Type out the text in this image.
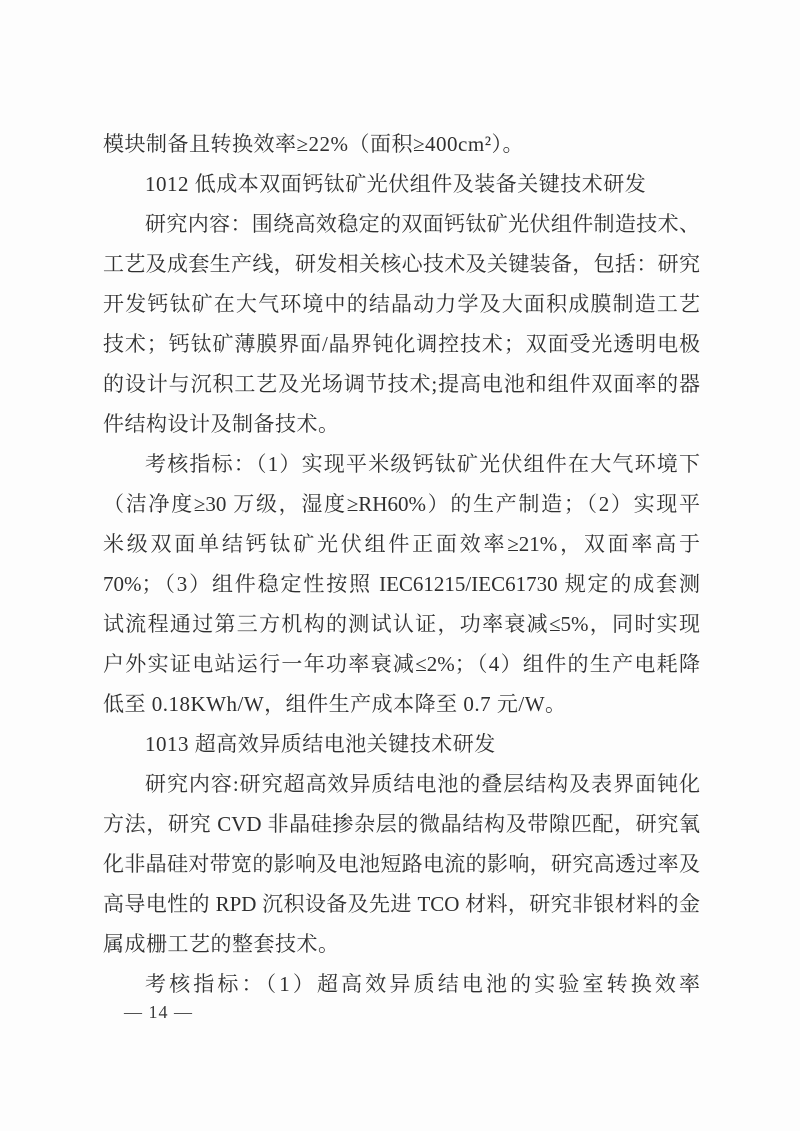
模块制备且转换效率≥22%（面积≥400cm²）。
1012 低成本双面钙钛矿光伏组件及装备关键技术研发
研究内容：围绕高效稳定的双面钙钛矿光伏组件制造技术、
工艺及成套生产线，研发相关核心技术及关键装备，包括：研究
开发钙钛矿在大气环境中的结晶动力学及大面积成膜制造工艺
技术；钙钛矿薄膜界面/晶界钝化调控技术；双面受光透明电极
的设计与沉积工艺及光场调节技术;提高电池和组件双面率的器
件结构设计及制备技术。
考核指标：（1）实现平米级钙钛矿光伏组件在大气环境下
（洁净度≥30 万级，湿度≥RH60%）的生产制造；（2）实现平
米级双面单结钙钛矿光伏组件正面效率≥21%，双面率高于
70%；（3）组件稳定性按照 IEC61215/IEC61730 规定的成套测
试流程通过第三方机构的测试认证，功率衰减≤5%，同时实现
户外实证电站运行一年功率衰减≤2%；（4）组件的生产电耗降
低至 0.18KWh/W，组件生产成本降至 0.7 元/W。
1013 超高效异质结电池关键技术研发
研究内容:研究超高效异质结电池的叠层结构及表界面钝化
方法，研究 CVD 非晶硅掺杂层的微晶结构及带隙匹配，研究氧
化非晶硅对带宽的影响及电池短路电流的影响，研究高透过率及
高导电性的 RPD 沉积设备及先进 TCO 材料，研究非银材料的金
属成栅工艺的整套技术。
考核指标：（1）超高效异质结电池的实验室转换效率
— 14 —
